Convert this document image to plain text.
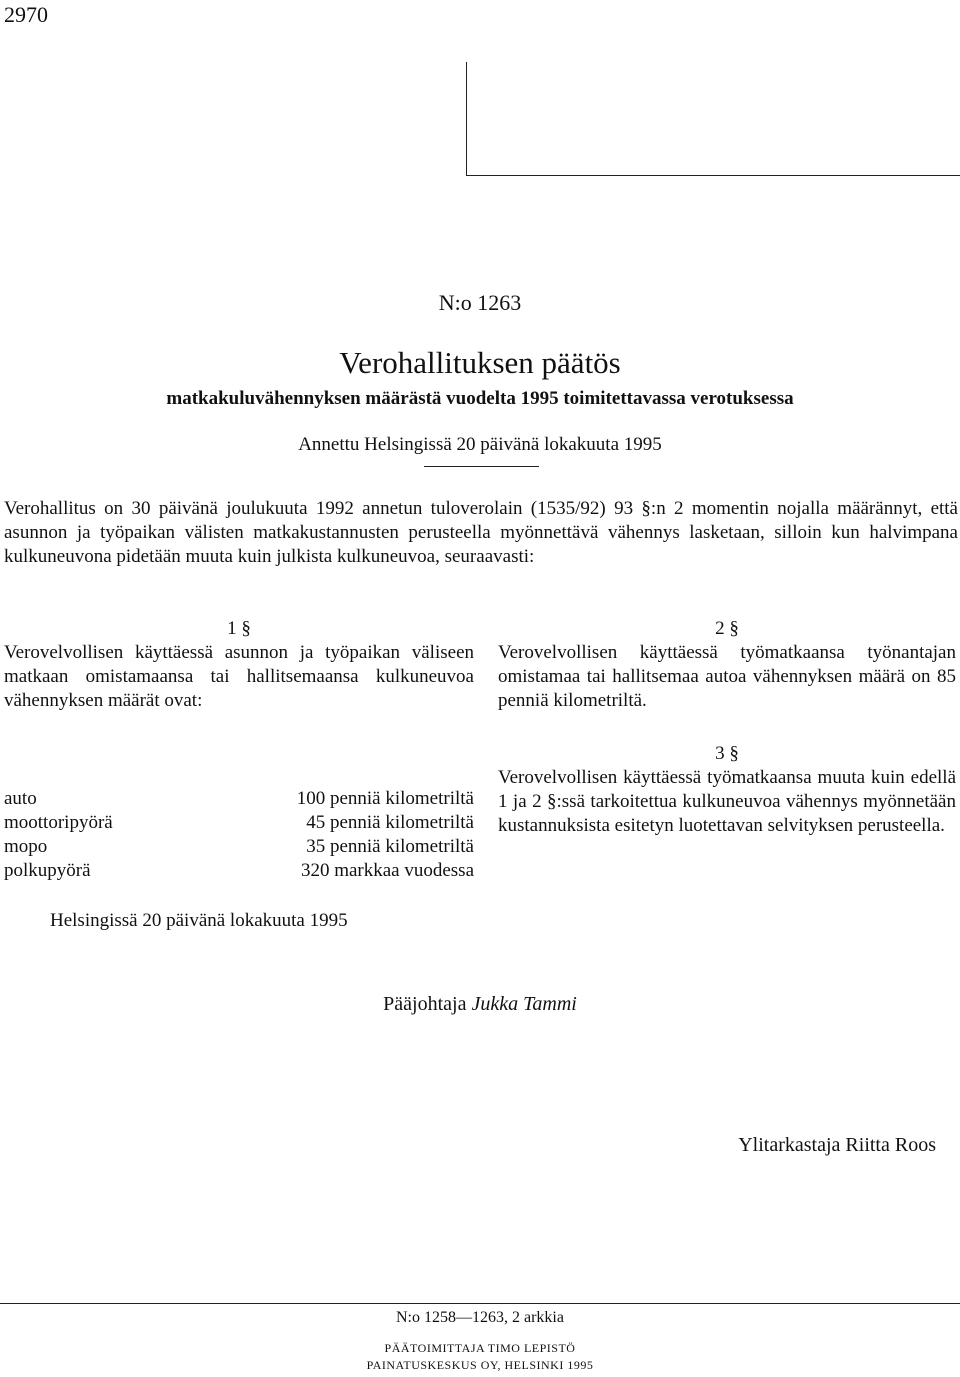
2970
N:o 1263
Verohallituksen päätös
matkakuluvähennyksen määrästä vuodelta 1995 toimitettavassa verotuksessa
Annettu Helsingissä 20 päivänä lokakuuta 1995
Verohallitus on 30 päivänä joulukuuta 1992 annetun tuloverolain (1535/92) 93 §:n 2 momentin nojalla määrännyt, että asunnon ja työpaikan välisten matkakustannusten perusteella myönnettävä vähennys lasketaan, silloin kun halvimpana kulkuneuvona pidetään muuta kuin julkista kulkuneuvoa, seuraavasti:
1 §
Verovelvollisen käyttäessä asunnon ja työpaikan väliseen matkaan omistamaansa tai hallitsemaansa kulkuneuvoa vähennyksen määrät ovat:
auto	100 penniä kilometriltä
moottoripyörä	45 penniä kilometriltä
mopo	35 penniä kilometriltä
polkupyörä	320 markkaa vuodessa
2 §
Verovelvollisen käyttäessä työmatkaansa työnantajan omistamaa tai hallitsemaa autoa vähennyksen määrä on 85 penniä kilometriltä.
3 §
Verovelvollisen käyttäessä työmatkaansa muuta kuin edellä 1 ja 2 §:ssä tarkoitettua kulkuneuvoa vähennys myönnetään kustannuksista esitetyn luotettavan selvityksen perusteella.
Helsingissä 20 päivänä lokakuuta 1995
Pääjohtaja Jukka Tammi
Ylitarkastaja Riitta Roos
N:o 1258—1263, 2 arkkia
PÄÄTOIMITTAJA TIMO LEPISTÖ
PAINATUSKESKUS OY, HELSINKI 1995
